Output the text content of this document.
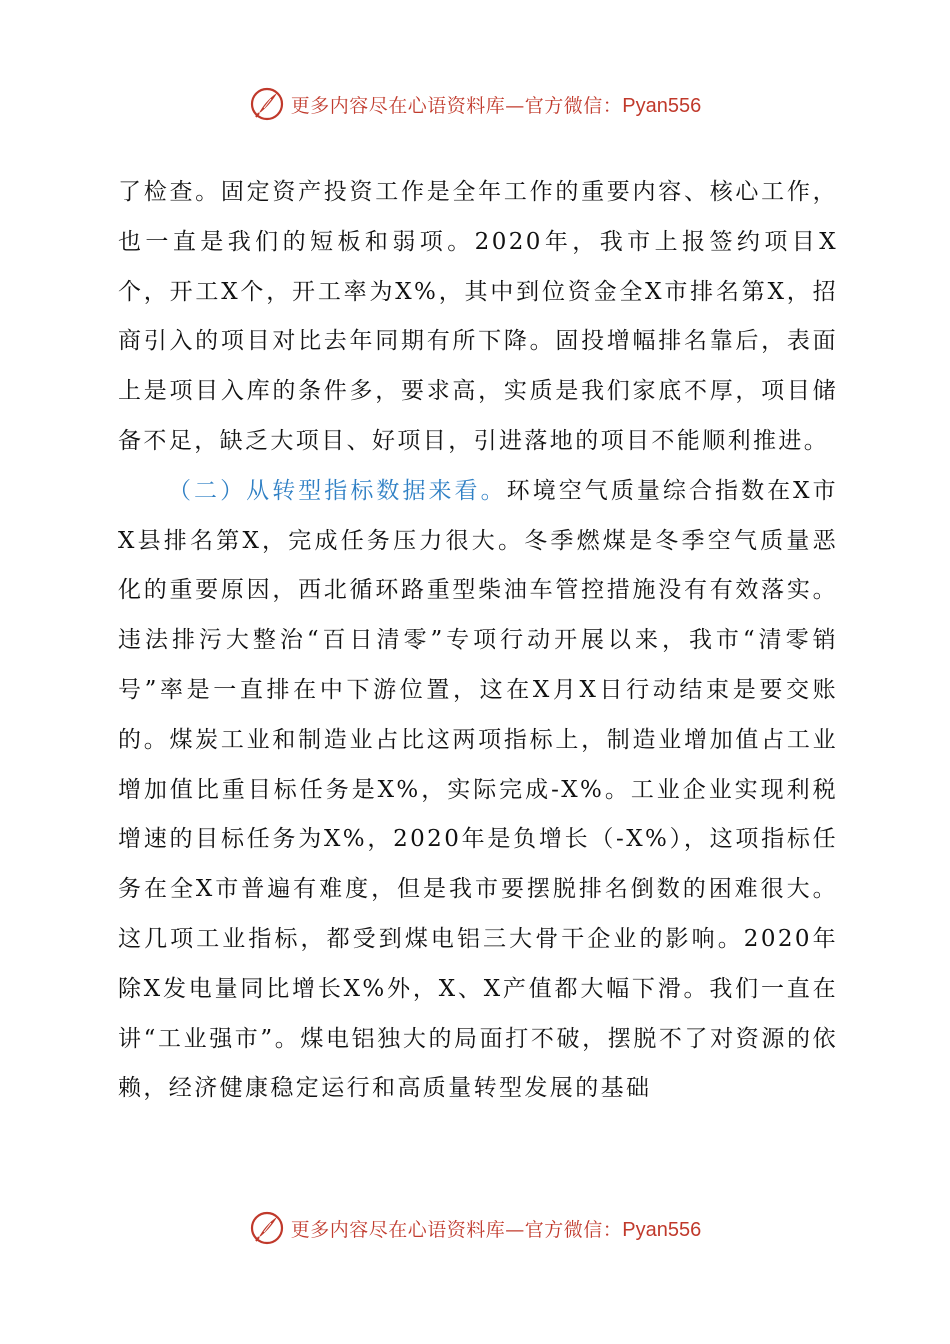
更多内容尽在心语资料库—官方微信：Pyan556

了检查。固定资产投资工作是全年工作的重要内容、核心工作，也一直是我们的短板和弱项。2020年，我市上报签约项目X个，开工X个，开工率为X%，其中到位资金全X市排名第X，招商引入的项目对比去年同期有所下降。固投增幅排名靠后，表面上是项目入库的条件多，要求高，实质是我们家底不厚，项目储备不足，缺乏大项目、好项目，引进落地的项目不能顺利推进。

（二）从转型指标数据来看。环境空气质量综合指数在X市X县排名第X，完成任务压力很大。冬季燃煤是冬季空气质量恶化的重要原因，西北循环路重型柴油车管控措施没有有效落实。违法排污大整治“百日清零”专项行动开展以来，我市“清零销号”率是一直排在中下游位置，这在X月X日行动结束是要交账的。煤炭工业和制造业占比这两项指标上，制造业增加值占工业增加值比重目标任务是X%，实际完成-X%。工业企业实现利税增速的目标任务为X%，2020年是负增长（-X%），这项指标任务在全X市普遍有难度，但是我市要摆脱排名倒数的困难很大。这几项工业指标，都受到煤电铝三大骨干企业的影响。2020年除X发电量同比增长X%外，X、X产值都大幅下滑。我们一直在讲“工业强市”。煤电铝独大的局面打不破，摆脱不了对资源的依赖，经济健康稳定运行和高质量转型发展的基础

更多内容尽在心语资料库—官方微信：Pyan556
